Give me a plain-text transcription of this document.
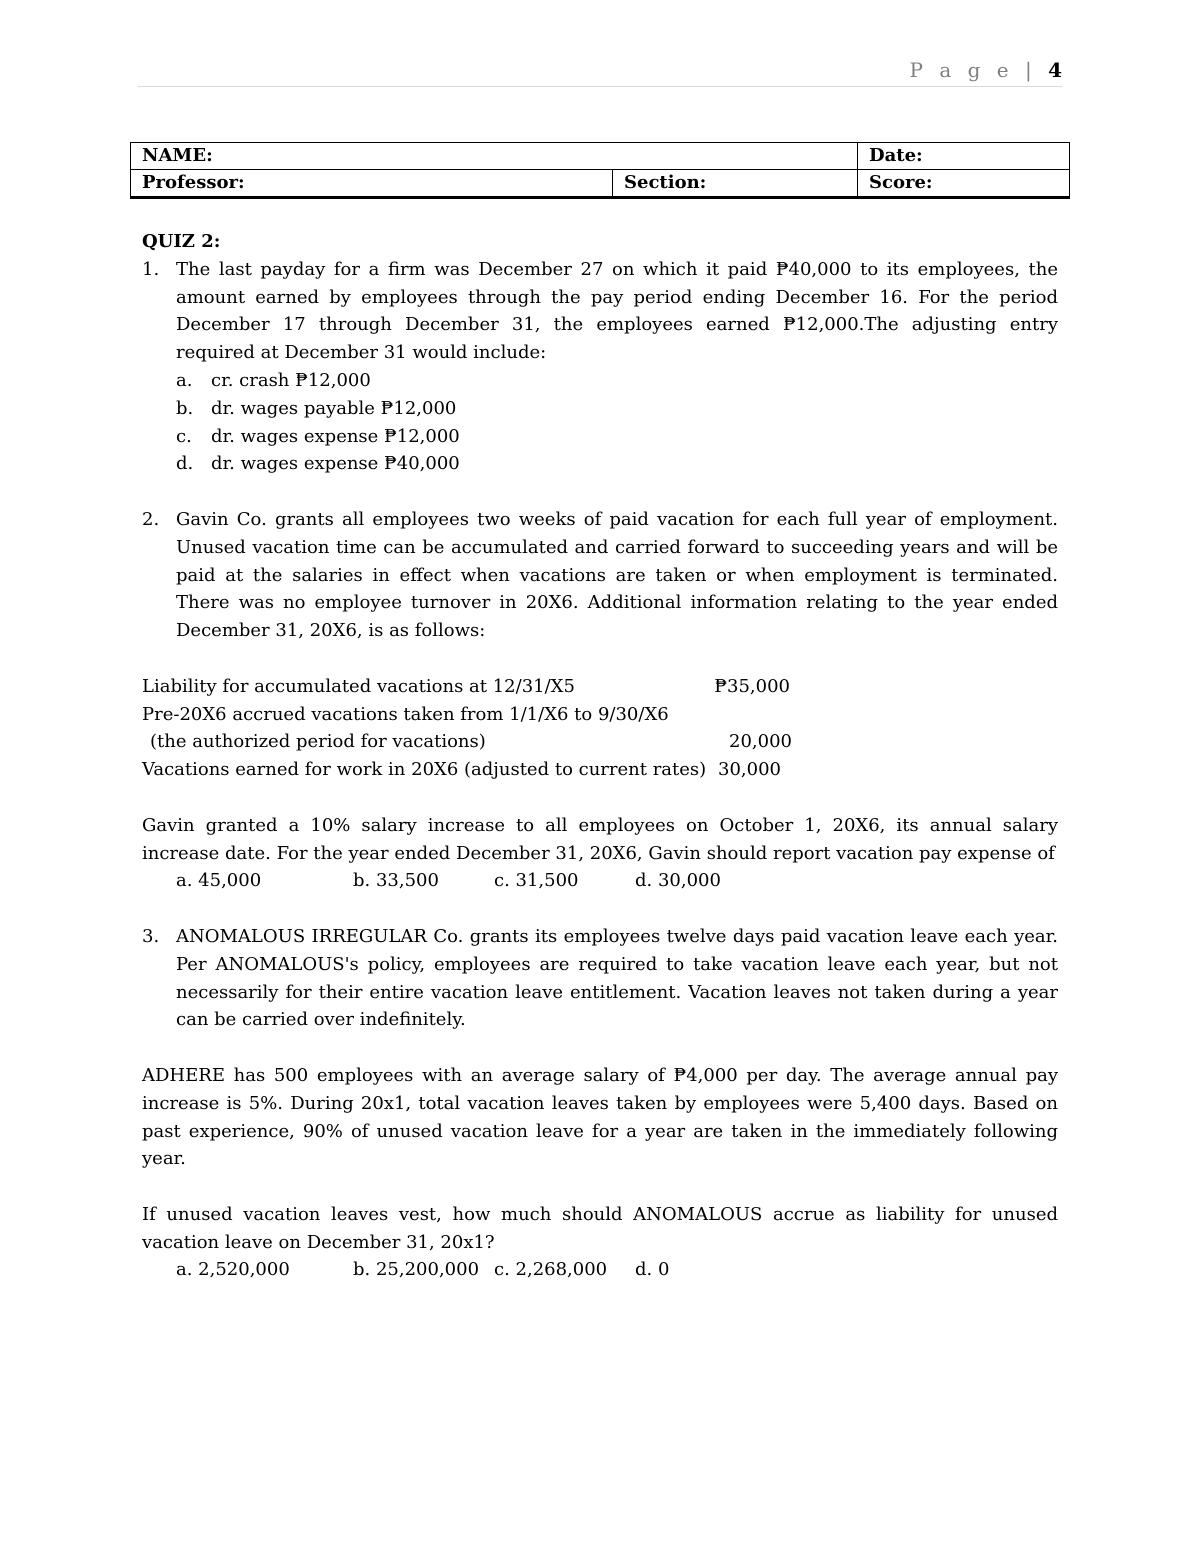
P a g e | 4
NAME:		Date:
Professor:	Section:	Score:
QUIZ 2:
1. The last payday for a firm was December 27 on which it paid ₱40,000 to its employees, the amount earned by employees through the pay period ending December 16. For the period December 17 through December 31, the employees earned ₱12,000.The adjusting entry required at December 31 would include:
a.	cr. crash ₱12,000
b. dr. wages payable ₱12,000
c.	dr. wages expense ₱12,000
d. dr. wages expense ₱40,000
2. Gavin Co. grants all employees two weeks of paid vacation for each full year of employment. Unused vacation time can be accumulated and carried forward to succeeding years and will be paid at the salaries in effect when vacations are taken or when employment is terminated. There was no employee turnover in 20X6. Additional information relating to the year ended December 31, 20X6, is as follows:
Liability for accumulated vacations at 12/31/X5	₱35,000
Pre-20X6 accrued vacations taken from 1/1/X6 to 9/30/X6
(the authorized period for vacations)	20,000
Vacations earned for work in 20X6 (adjusted to current rates) 30,000
Gavin granted a 10% salary increase to all employees on October 1, 20X6, its annual salary increase date. For the year ended December 31, 20X6, Gavin should report vacation pay expense of
a. 45,000	b. 33,500	c. 31,500	d. 30,000
3. ANOMALOUS IRREGULAR Co. grants its employees twelve days paid vacation leave each year. Per ANOMALOUS's policy, employees are required to take vacation leave each year, but not necessarily for their entire vacation leave entitlement. Vacation leaves not taken during a year can be carried over indefinitely.
ADHERE has 500 employees with an average salary of ₱4,000 per day. The average annual pay increase is 5%. During 20x1, total vacation leaves taken by employees were 5,400 days. Based on past experience, 90% of unused vacation leave for a year are taken in the immediately following year.
If unused vacation leaves vest, how much should ANOMALOUS accrue as liability for unused vacation leave on December 31, 20x1?
a. 2,520,000	b. 25,200,000 c. 2,268,000	d. 0
